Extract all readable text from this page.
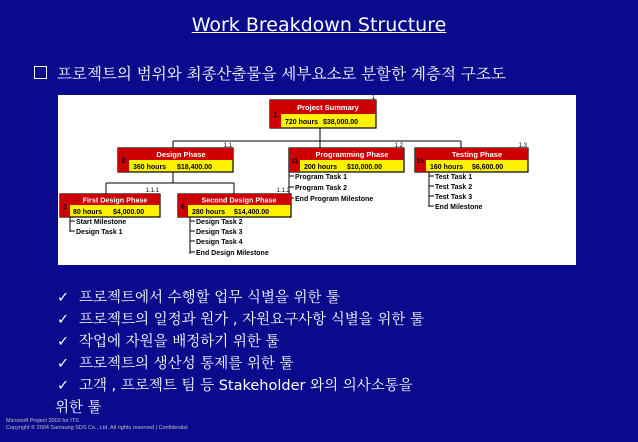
Work Breakdown Structure
프로젝트의 범위와 최종산출물을 세부요소로 분할한 계층적 구조도
1
Project Summary
720 hours $38,000.00
1
2
Design Phase
360 hours $18,400.00
1.1
11
Programming Phase
200 hours $10,000.00
1.2
15
Testing Phase
160 hours $6,600.00
1.3
3
First Design Phase
80 hours $4,000.00
1.1.1
6
Second Design Phase
280 hours $14,400.00
1.1.2
Program Task 1
Program Task 2
End Program Milestone
Test Task 1
Test Task 2
Test Task 3
End Milestone
Start Milestone
Design Task 1
Design Task 2
Design Task 3
Design Task 4
End Design Milestone
✓ 프로젝트에서 수행할 업무 식별을 위한 툴
✓ 프로젝트의 일정과 원가 , 자원요구사항 식별을 위한 툴
✓ 작업에 자원을 배정하기 위한 툴
✓ 프로젝트의 생산성 통제를 위한 툴
✓ 고객 , 프로젝트 팀 등 Stakeholder 와의 의사소통을
위한 툴
Microsoft Project 2003 for ITS
Copyright © 2004 Samsung SDS Co., Ltd. All rights reserved | Confidential
